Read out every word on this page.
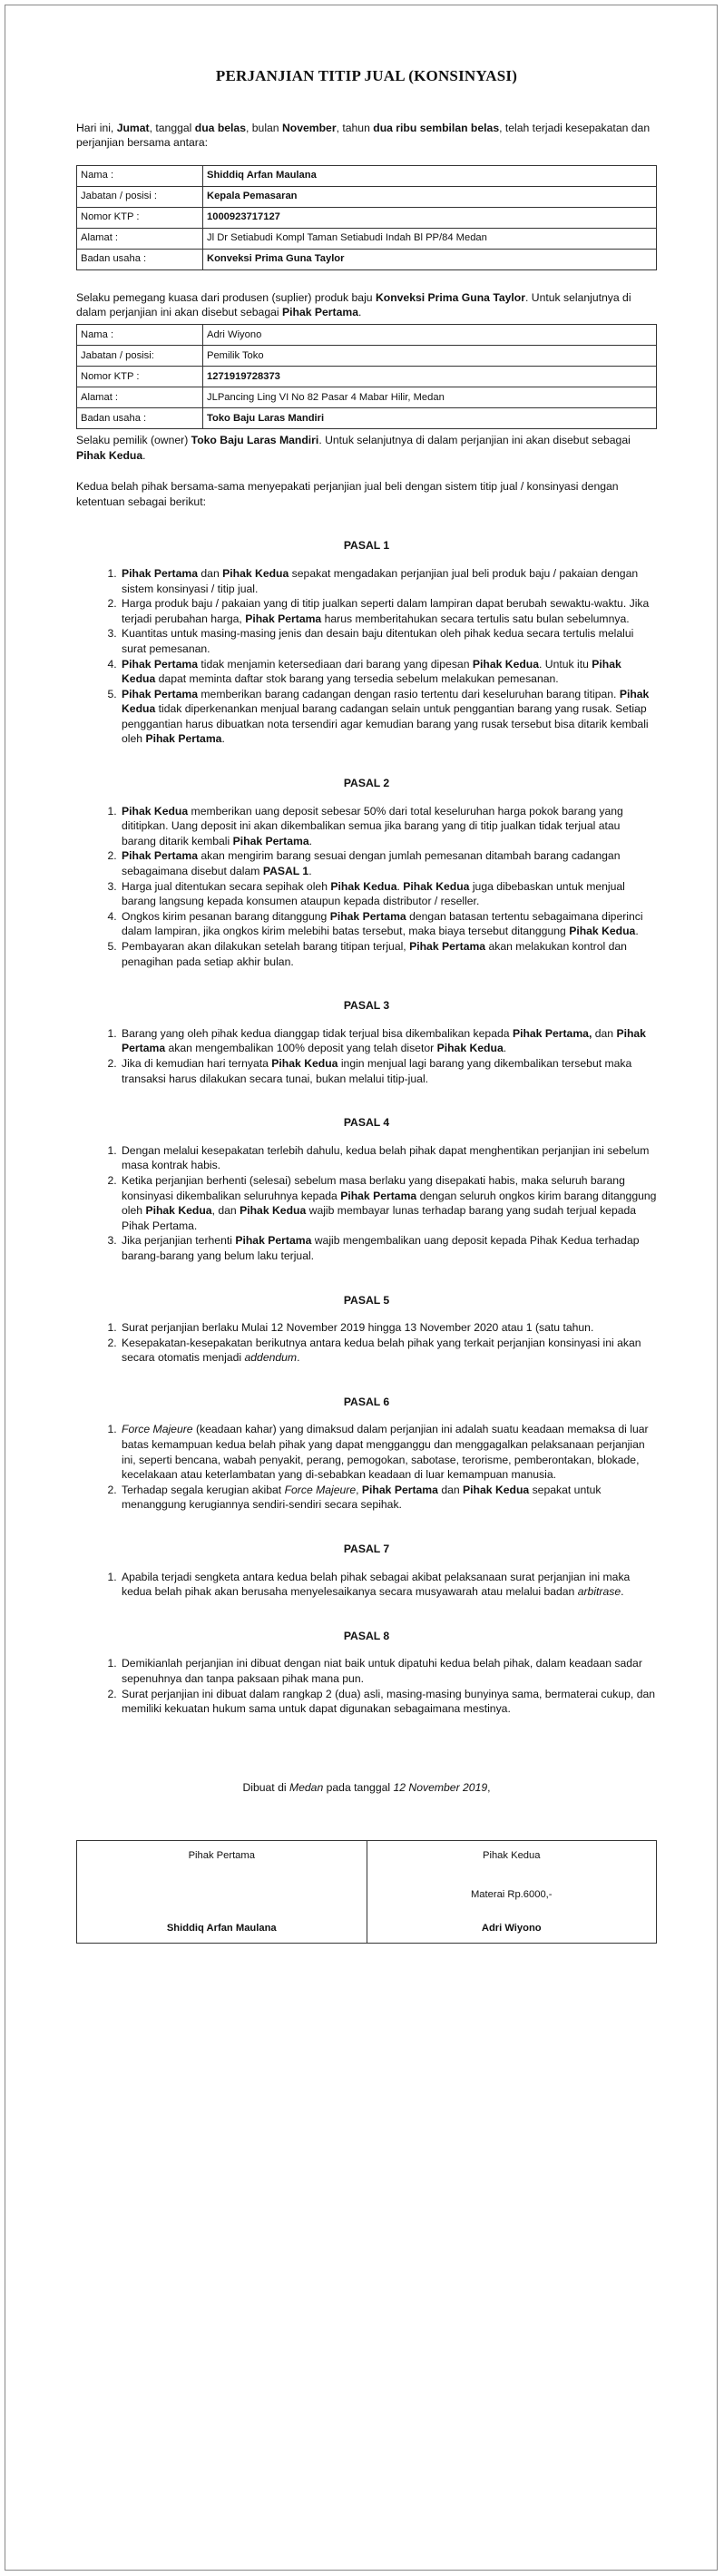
PERJANJIAN TITIP JUAL (KONSINYASI)

Hari ini, Jumat, tanggal dua belas, bulan November, tahun dua ribu sembilan belas, telah terjadi kesepakatan dan perjanjian bersama antara:

Nama :	Shiddiq Arfan Maulana
Jabatan / posisi :	Kepala Pemasaran
Nomor KTP :	1000923717127
Alamat :	Jl Dr Setiabudi Kompl Taman Setiabudi Indah Bl PP/84 Medan
Badan usaha :	Konveksi Prima Guna Taylor

Selaku pemegang kuasa dari produsen (suplier) produk baju Konveksi Prima Guna Taylor. Untuk selanjutnya di dalam perjanjian ini akan disebut sebagai Pihak Pertama.

Nama :	Adri Wiyono
Jabatan / posisi:	Pemilik Toko
Nomor KTP :	1271919728373
Alamat :	JLPancing Ling VI No 82 Pasar 4 Mabar Hilir, Medan
Badan usaha :	Toko Baju Laras Mandiri

Selaku pemilik (owner) Toko Baju Laras Mandiri. Untuk selanjutnya di dalam perjanjian ini akan disebut sebagai Pihak Kedua.

Kedua belah pihak bersama-sama menyepakati perjanjian jual beli dengan sistem titip jual / konsinyasi dengan ketentuan sebagai berikut:

PASAL 1
1. Pihak Pertama dan Pihak Kedua sepakat mengadakan perjanjian jual beli produk baju / pakaian dengan sistem konsinyasi / titip jual.
2. Harga produk baju / pakaian yang di titip jualkan seperti dalam lampiran dapat berubah sewaktu-waktu. Jika terjadi perubahan harga, Pihak Pertama harus memberitahukan secara tertulis satu bulan sebelumnya.
3. Kuantitas untuk masing-masing jenis dan desain baju ditentukan oleh pihak kedua secara tertulis melalui surat pemesanan.
4. Pihak Pertama tidak menjamin ketersediaan dari barang yang dipesan Pihak Kedua. Untuk itu Pihak Kedua dapat meminta daftar stok barang yang tersedia sebelum melakukan pemesanan.
5. Pihak Pertama memberikan barang cadangan dengan rasio tertentu dari keseluruhan barang titipan. Pihak Kedua tidak diperkenankan menjual barang cadangan selain untuk penggantian barang yang rusak. Setiap penggantian harus dibuatkan nota tersendiri agar kemudian barang yang rusak tersebut bisa ditarik kembali oleh Pihak Pertama.
PASAL 2
1. Pihak Kedua memberikan uang deposit sebesar 50% dari total keseluruhan harga pokok barang yang dititipkan. Uang deposit ini akan dikembalikan semua jika barang yang di titip jualkan tidak terjual atau barang ditarik kembali Pihak Pertama.
2. Pihak Pertama akan mengirim barang sesuai dengan jumlah pemesanan ditambah barang cadangan sebagaimana disebut dalam PASAL 1.
3. Harga jual ditentukan secara sepihak oleh Pihak Kedua. Pihak Kedua juga dibebaskan untuk menjual barang langsung kepada konsumen ataupun kepada distributor / reseller.
4. Ongkos kirim pesanan barang ditanggung Pihak Pertama dengan batasan tertentu sebagaimana diperinci dalam lampiran, jika ongkos kirim melebihi batas tersebut, maka biaya tersebut ditanggung Pihak Kedua.
5. Pembayaran akan dilakukan setelah barang titipan terjual, Pihak Pertama akan melakukan kontrol dan penagihan pada setiap akhir bulan.
PASAL 3
1. Barang yang oleh pihak kedua dianggap tidak terjual bisa dikembalikan kepada Pihak Pertama, dan Pihak Pertama akan mengembalikan 100% deposit yang telah disetor Pihak Kedua.
2. Jika di kemudian hari ternyata Pihak Kedua ingin menjual lagi barang yang dikembalikan tersebut maka transaksi harus dilakukan secara tunai, bukan melalui titip-jual.
PASAL 4
1. Dengan melalui kesepakatan terlebih dahulu, kedua belah pihak dapat menghentikan perjanjian ini sebelum masa kontrak habis.
2. Ketika perjanjian berhenti (selesai) sebelum masa berlaku yang disepakati habis, maka seluruh barang konsinyasi dikembalikan seluruhnya kepada Pihak Pertama dengan seluruh ongkos kirim barang ditanggung oleh Pihak Kedua, dan Pihak Kedua wajib membayar lunas terhadap barang yang sudah terjual kepada Pihak Pertama.
3. Jika perjanjian terhenti Pihak Pertama wajib mengembalikan uang deposit kepada Pihak Kedua terhadap barang-barang yang belum laku terjual.
PASAL 5
1. Surat perjanjian berlaku Mulai 12 November 2019 hingga 13 November 2020 atau 1 (satu tahun.
2. Kesepakatan-kesepakatan berikutnya antara kedua belah pihak yang terkait perjanjian konsinyasi ini akan secara otomatis menjadi addendum.
PASAL 6
1. Force Majeure (keadaan kahar) yang dimaksud dalam perjanjian ini adalah suatu keadaan memaksa di luar batas kemampuan kedua belah pihak yang dapat mengganggu dan menggagalkan pelaksanaan perjanjian ini, seperti bencana, wabah penyakit, perang, pemogokan, sabotase, terorisme, pemberontakan, blokade, kecelakaan atau keterlambatan yang di-sebabkan keadaan di luar kemampuan manusia.
2. Terhadap segala kerugian akibat Force Majeure, Pihak Pertama dan Pihak Kedua sepakat untuk menanggung kerugiannya sendiri-sendiri secara sepihak.
PASAL 7
1. Apabila terjadi sengketa antara kedua belah pihak sebagai akibat pelaksanaan surat perjanjian ini maka kedua belah pihak akan berusaha menyelesaikanya secara musyawarah atau melalui badan arbitrase.
PASAL 8
1. Demikianlah perjanjian ini dibuat dengan niat baik untuk dipatuhi kedua belah pihak, dalam keadaan sadar sepenuhnya dan tanpa paksaan pihak mana pun.
2. Surat perjanjian ini dibuat dalam rangkap 2 (dua) asli, masing-masing bunyinya sama, bermaterai cukup, dan memiliki kekuatan hukum sama untuk dapat digunakan sebagaimana mestinya.

Dibuat di Medan pada tanggal 12 November 2019,

Pihak Pertama
Shiddiq Arfan Maulana

Pihak Kedua
Materai Rp.6000,-
Adri Wiyono
